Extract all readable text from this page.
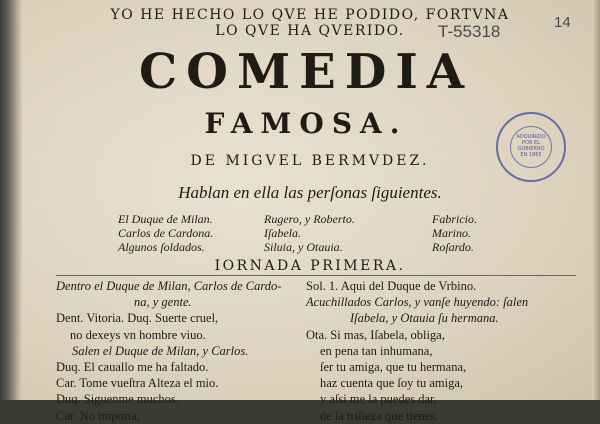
YO HE HECHO LO QVE HE PODIDO, FORTVNA
LO QVE HA QVERIDO.	14

T-55318

COMEDIA
FAMOSA.

DE MIGVEL BERMVDEZ.

Hablan en ella las perſonas ſiguientes.

El Duque de Milan.
Carlos de Cardona.
Algunos ſoldados.
Rugero, y Roberto.
Iſabela.
Siluia, y Otauia.
Fabricio.
Marino.
Roſardo.

IORNADA PRIMERA.

Dentro el Duque de Milan, Carlos de Cardo-
na, y gente.
Dent. Vitoria. Duq. Suerte cruel,
no dexeys vn hombre viuo.
Salen el Duque de Milan, y Carlos.
Duq. El cauallo me ha faltado.
Car. Tome vueſtra Alteza el mio.
Duq. Siguenme muchos.
Car. No importa,
Sol. 1. Aqui del Duque de Vrbino.
Acuchillados Carlos, y vanſe huyendo: ſalen
Iſabela, y Otauia ſu hermana.
Ota. Si mas, Iſabela, obliga,
en pena tan inhumana,
ſer tu amiga, que tu hermana,
haz cuenta que ſoy tu amiga,
y aſsi me la puedes dar,
de la triſteza que tienes.

ADQUIRIDO
POR EL
GOBIERNO
EN 1865
